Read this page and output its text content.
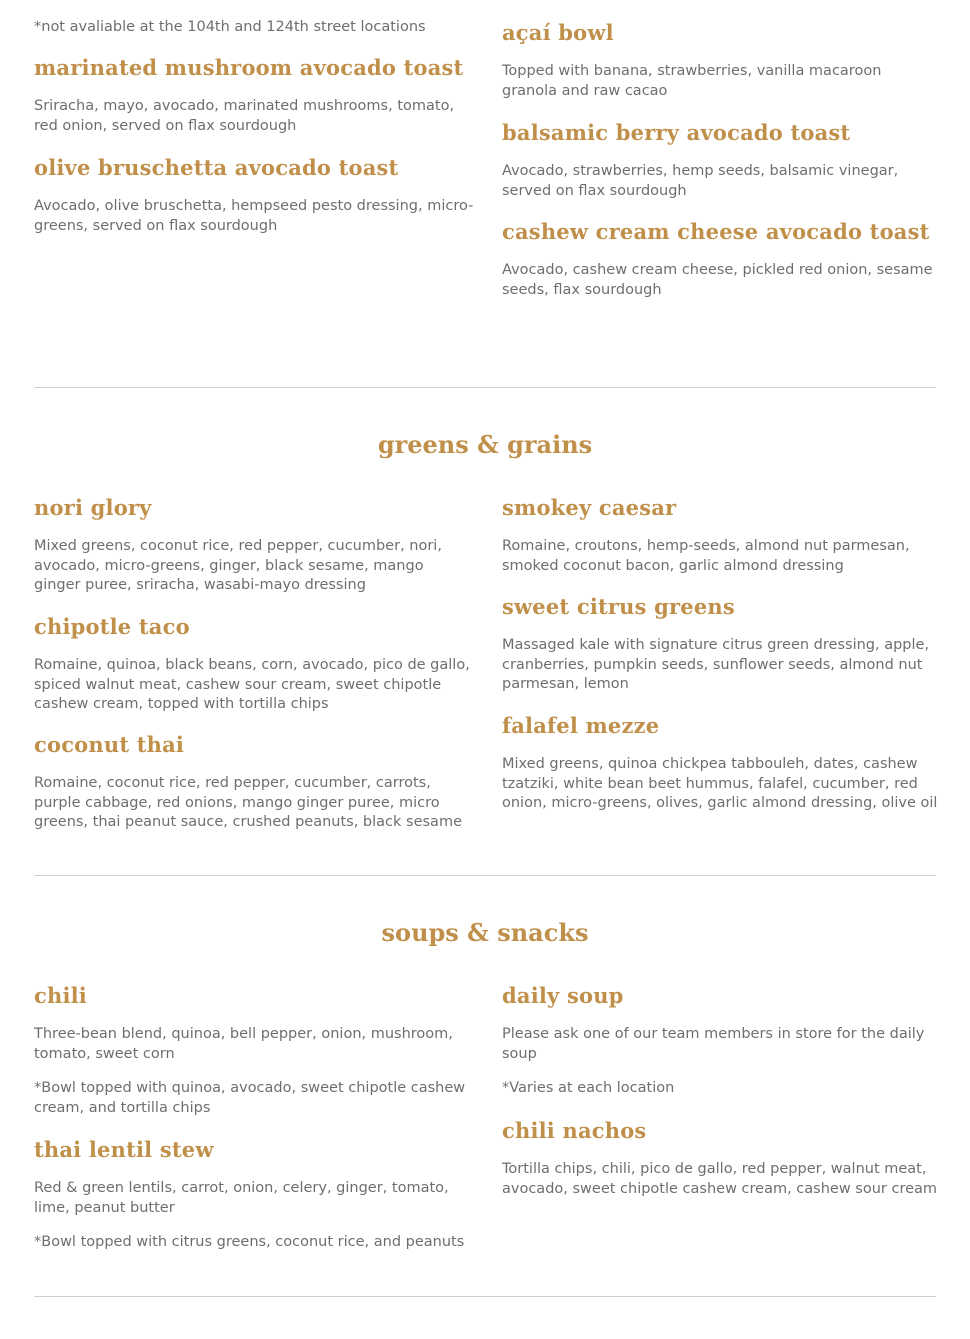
*not avaliable at the 104th and 124th street locations

marinated mushroom avocado toast

Sriracha, mayo, avocado, marinated mushrooms, tomato, red onion, served on flax sourdough

olive bruschetta avocado toast

Avocado, olive bruschetta, hempseed pesto dressing, micro-greens, served on flax sourdough

açaí bowl

Topped with banana, strawberries, vanilla macaroon granola and raw cacao

balsamic berry avocado toast

Avocado, strawberries, hemp seeds, balsamic vinegar, served on flax sourdough

cashew cream cheese avocado toast

Avocado, cashew cream cheese, pickled red onion, sesame seeds, flax sourdough

greens & grains
nori glory

Mixed greens, coconut rice, red pepper, cucumber, nori, avocado, micro-greens, ginger, black sesame, mango ginger puree, sriracha, wasabi-mayo dressing

chipotle taco

Romaine, quinoa, black beans, corn, avocado, pico de gallo, spiced walnut meat, cashew sour cream, sweet chipotle cashew cream, topped with tortilla chips

coconut thai

Romaine, coconut rice, red pepper, cucumber, carrots, purple cabbage, red onions, mango ginger puree, micro greens, thai peanut sauce, crushed peanuts, black sesame

smokey caesar

Romaine, croutons, hemp-seeds, almond nut parmesan, smoked coconut bacon, garlic almond dressing

sweet citrus greens

Massaged kale with signature citrus green dressing, apple, cranberries, pumpkin seeds, sunflower seeds, almond nut parmesan, lemon

falafel mezze

Mixed greens, quinoa chickpea tabbouleh, dates, cashew tzatziki, white bean beet hummus, falafel, cucumber, red onion, micro-greens, olives, garlic almond dressing, olive oil

soups & snacks
chili

Three-bean blend, quinoa, bell pepper, onion, mushroom, tomato, sweet corn

*Bowl topped with quinoa, avocado, sweet chipotle cashew cream, and tortilla chips

thai lentil stew

Red & green lentils, carrot, onion, celery, ginger, tomato, lime, peanut butter

*Bowl topped with citrus greens, coconut rice, and peanuts

daily soup

Please ask one of our team members in store for the daily soup

*Varies at each location

chili nachos

Tortilla chips, chili, pico de gallo, red pepper, walnut meat, avocado, sweet chipotle cashew cream, cashew sour cream
